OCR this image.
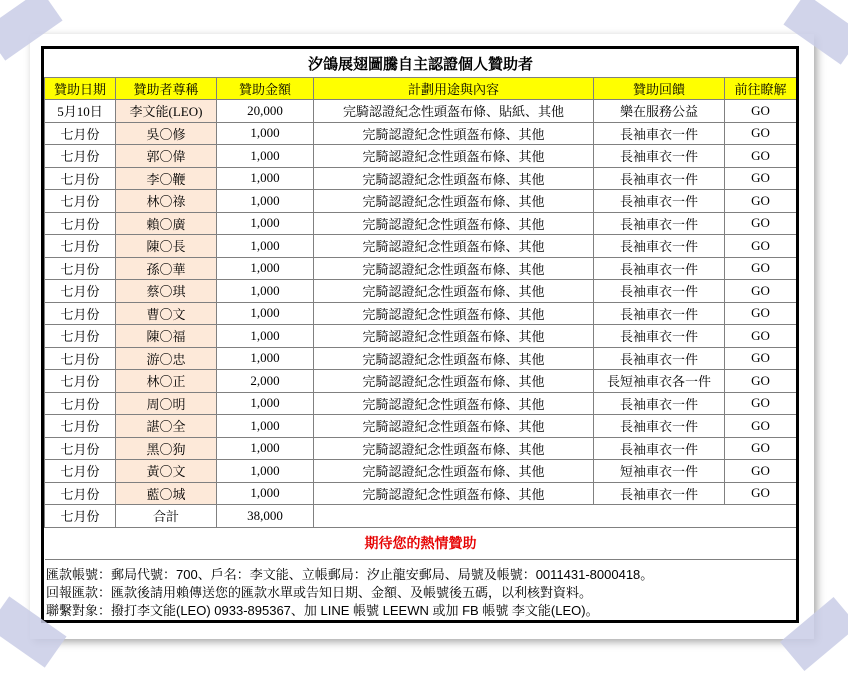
汐鴿展翅圖騰自主認證個人贊助者					
贊助日期	贊助者尊稱	贊助金額	計劃用途與內容	贊助回饋	前往瞭解
5月10日	李文能(LEO)	20,000	完騎認證紀念性頭盔布條、貼紙、其他	樂在服務公益	GO
七月份	吳〇修	1,000	完騎認證紀念性頭盔布條、其他	長袖車衣一件	GO
七月份	郭〇偉	1,000	完騎認證紀念性頭盔布條、其他	長袖車衣一件	GO
七月份	李〇鞭	1,000	完騎認證紀念性頭盔布條、其他	長袖車衣一件	GO
七月份	林〇祿	1,000	完騎認證紀念性頭盔布條、其他	長袖車衣一件	GO
七月份	賴〇廣	1,000	完騎認證紀念性頭盔布條、其他	長袖車衣一件	GO
七月份	陳〇長	1,000	完騎認證紀念性頭盔布條、其他	長袖車衣一件	GO
七月份	孫〇華	1,000	完騎認證紀念性頭盔布條、其他	長袖車衣一件	GO
七月份	蔡〇琪	1,000	完騎認證紀念性頭盔布條、其他	長袖車衣一件	GO
七月份	曹〇文	1,000	完騎認證紀念性頭盔布條、其他	長袖車衣一件	GO
七月份	陳〇福	1,000	完騎認證紀念性頭盔布條、其他	長袖車衣一件	GO
七月份	游〇忠	1,000	完騎認證紀念性頭盔布條、其他	長袖車衣一件	GO
七月份	林〇正	2,000	完騎認證紀念性頭盔布條、其他	長短袖車衣各一件	GO
七月份	周〇明	1,000	完騎認證紀念性頭盔布條、其他	長袖車衣一件	GO
七月份	諶〇全	1,000	完騎認證紀念性頭盔布條、其他	長袖車衣一件	GO
七月份	黑〇狗	1,000	完騎認證紀念性頭盔布條、其他	長袖車衣一件	GO
七月份	黃〇文	1,000	完騎認證紀念性頭盔布條、其他	短袖車衣一件	GO
七月份	藍〇城	1,000	完騎認證紀念性頭盔布條、其他	長袖車衣一件	GO
七月份	合計	38,000			
期待您的熱情贊助					
匯款帳號：郵局代號：700、戶名：李文能、立帳郵局：汐止龍安郵局、局號及帳號：0011431-8000418。
回報匯款：匯款後請用賴傳送您的匯款水單或告知日期、金額、及帳號後五碼，以利核對資料。
聯繫對象：撥打李文能(LEO) 0933-895367、加 LINE 帳號 LEEWN 或加 FB 帳號 李文能(LEO)。
